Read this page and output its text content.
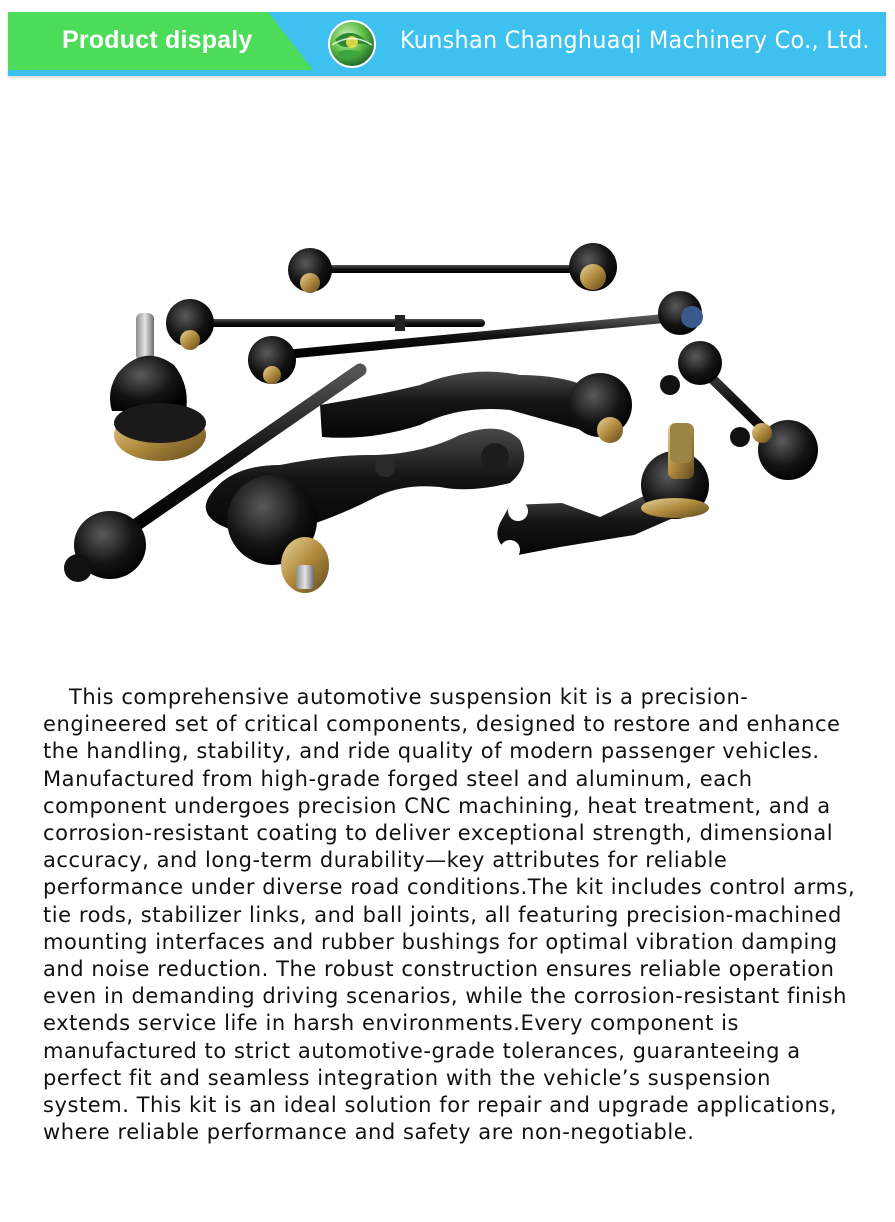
Product dispaly	Kunshan Changhuaqi Machinery Co., Ltd.

This comprehensive automotive suspension kit is a precision-engineered set of critical components, designed to restore and enhance the handling, stability, and ride quality of modern passenger vehicles. Manufactured from high-grade forged steel and aluminum, each component undergoes precision CNC machining, heat treatment, and a corrosion-resistant coating to deliver exceptional strength, dimensional accuracy, and long-term durability—key attributes for reliable performance under diverse road conditions.The kit includes control arms, tie rods, stabilizer links, and ball joints, all featuring precision-machined mounting interfaces and rubber bushings for optimal vibration damping and noise reduction. The robust construction ensures reliable operation even in demanding driving scenarios, while the corrosion-resistant finish extends service life in harsh environments.Every component is manufactured to strict automotive-grade tolerances, guaranteeing a perfect fit and seamless integration with the vehicle’s suspension system. This kit is an ideal solution for repair and upgrade applications, where reliable performance and safety are non-negotiable.
